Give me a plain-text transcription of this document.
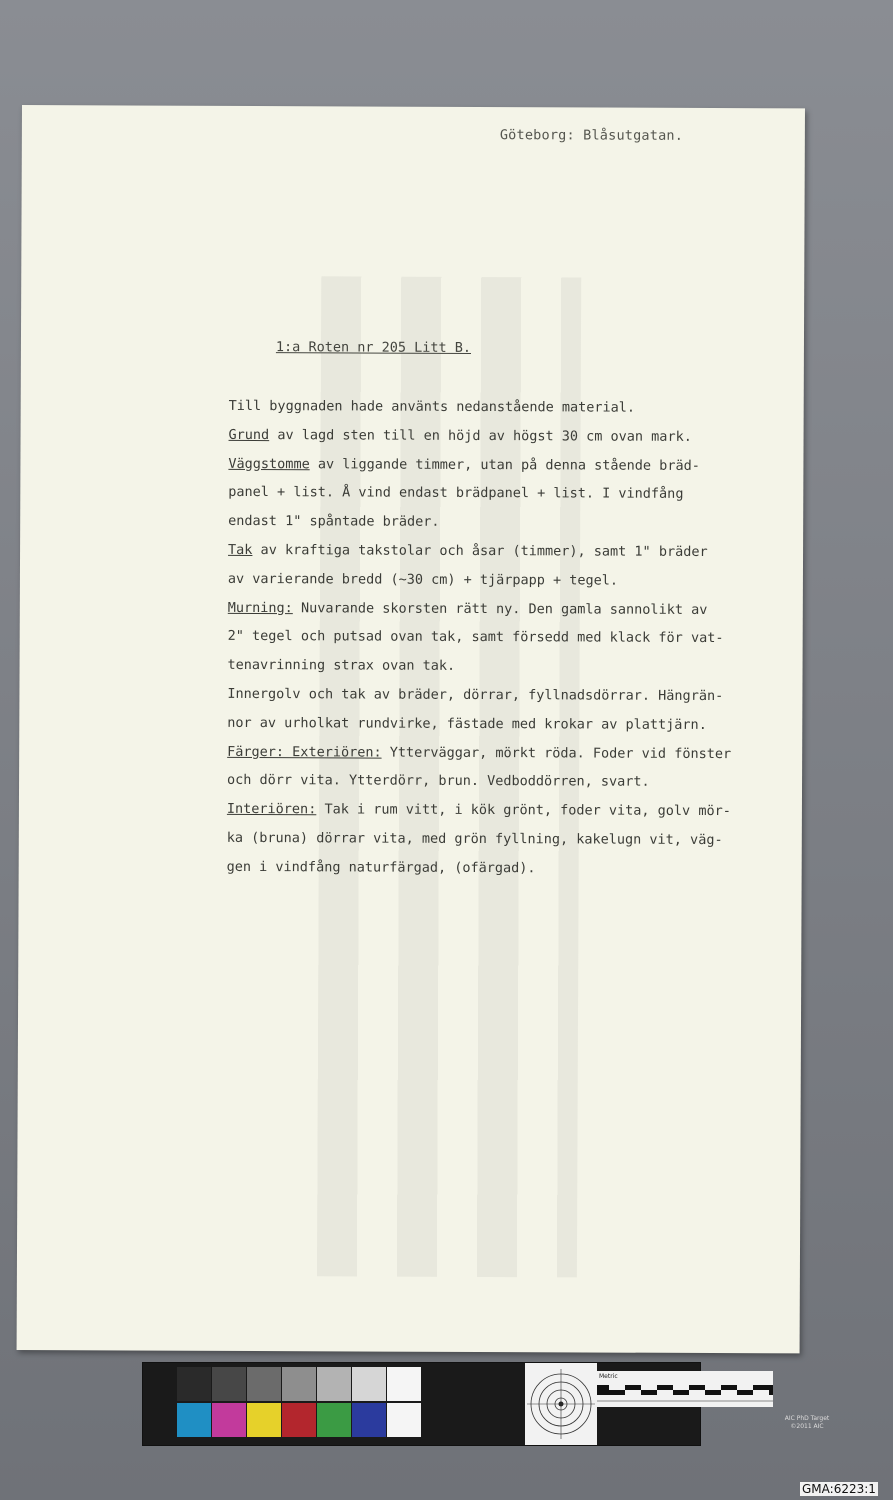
Göteborg: Blåsutgatan.
1:a Roten nr 205 Litt B.
Till byggnaden hade använts nedanstående material.
Grund av lagd sten till en höjd av högst 30 cm ovan mark.
Väggstomme av liggande timmer, utan på denna stående bräd-
panel + list. Å vind endast brädpanel + list. I vindfång
endast 1" spåntade bräder.
Tak av kraftiga takstolar och åsar (timmer), samt 1" bräder
av varierande bredd (~30 cm) + tjärpapp + tegel.
Murning: Nuvarande skorsten rätt ny. Den gamla sannolikt av
2" tegel och putsad ovan tak, samt försedd med klack för vat-
tenavrinning strax ovan tak.
Innergolv och tak av bräder, dörrar, fyllnadsdörrar. Hängrän-
nor av urholkat rundvirke, fästade med krokar av plattjärn.
Färger: Exteriören: Ytterväggar, mörkt röda. Foder vid fönster
och dörr vita. Ytterdörr, brun. Vedboddörren, svart.
Interiören: Tak i rum vitt, i kök grönt, foder vita, golv mör-
ka (bruna) dörrar vita, med grön fyllning, kakelugn vit, väg-
gen i vindfång naturfärgad, (ofärgad).
Metric
AIC PhD Target
©2011 AIC
GMA:6223:1
